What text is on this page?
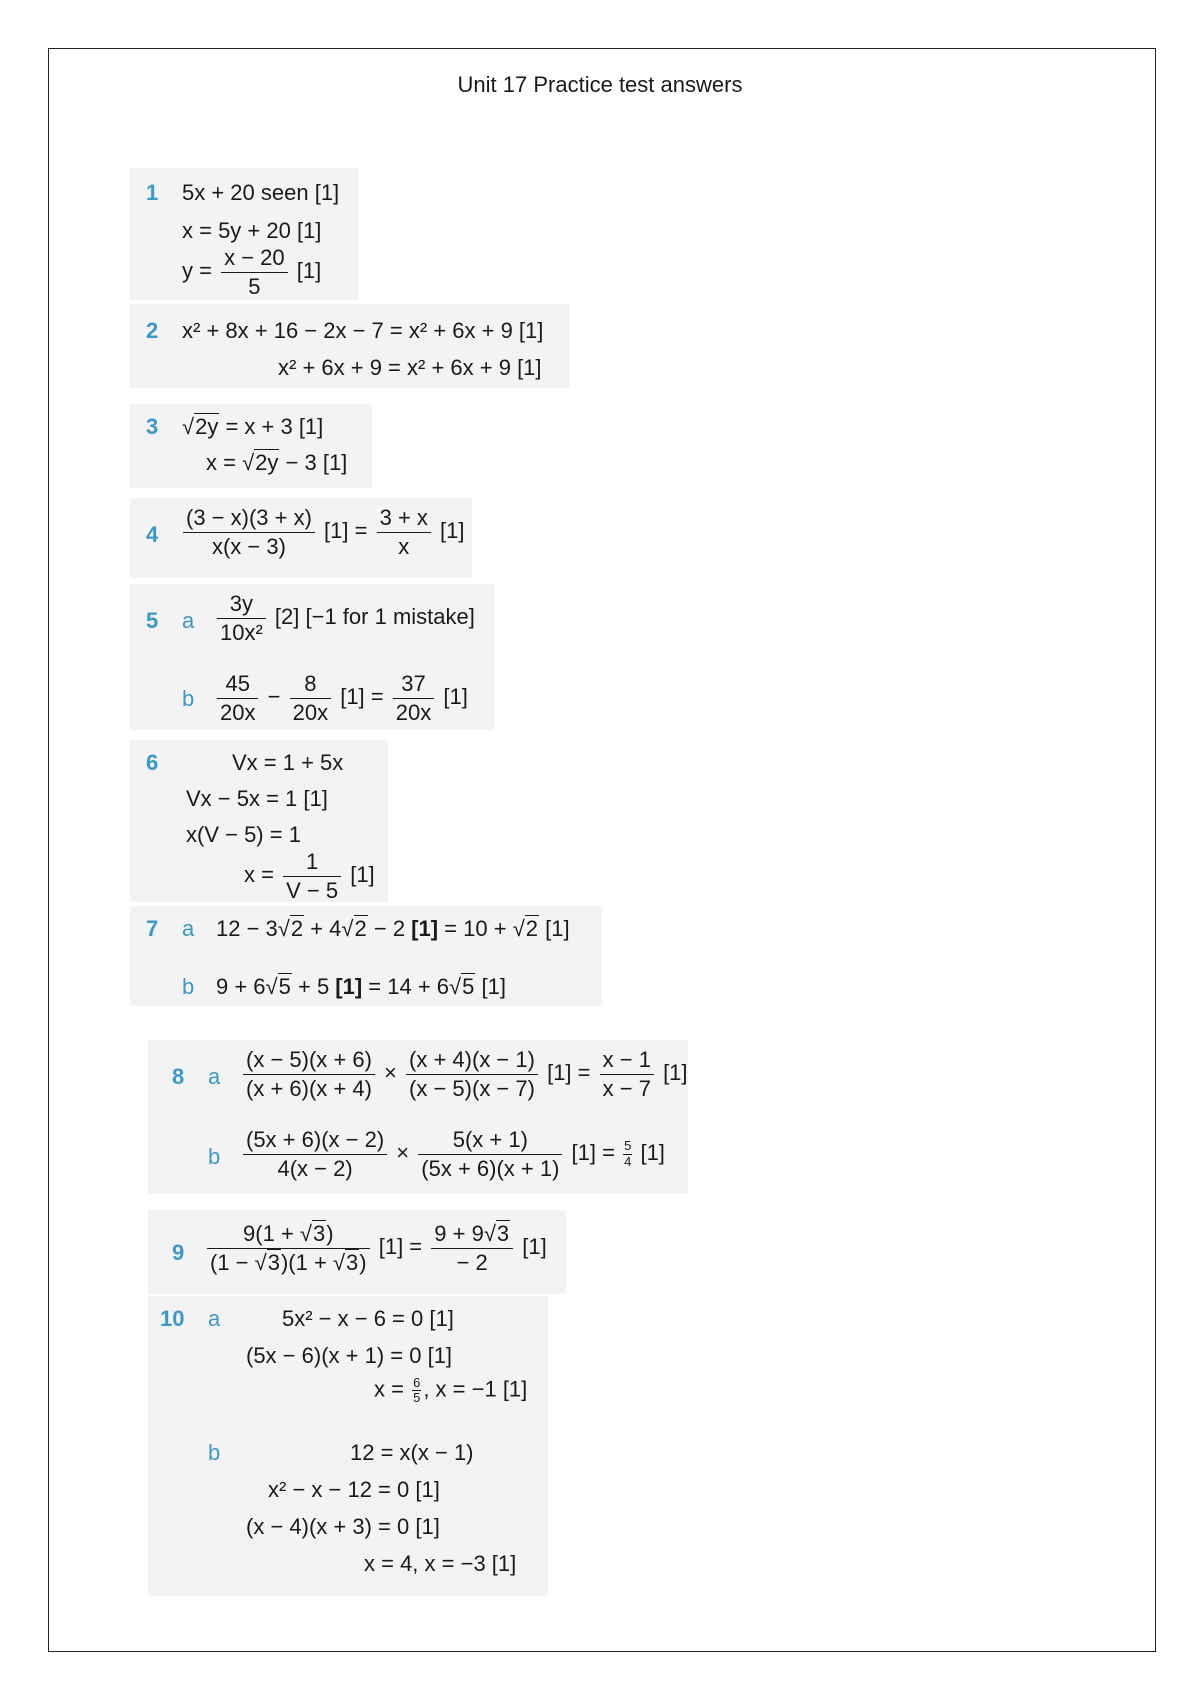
Unit 17 Practice test answers
1 5x + 20 seen [1]
x = 5y + 20 [1]
$y = \frac{x - 20}{5} [1]$
2 x² + 8x + 16 − 2x − 7 = x² + 6x + 9 [1]
x² + 6x + 9 = x² + 6x + 9 [1]
3	√ 2y = x + 3 [1]
x = √ 2y − 3 [1]
$4 \frac{(3 - x)(3 + x)}{x(x - 3)} [1] = \frac{3 + x}{x} [1]$
5 a $\frac{3y}{\text{10x²}} [2]$ [−1 for 1 mistake]
b $\frac{45}{20x} - \frac{8}{20x} [1] = \frac{37}{20x} [1]$
6	Vx = 1 + 5x
Vx − 5x = 1 [1]
x(V − 5) = 1
$x = \frac{1}{V - 5} [1]$
7 a 12 − 3 √ 2 + 4 √ 2 − 2 [1] = 10 + √ 2 [1]
b 9 + 6 √ 5 + 5 [1] = 14 + 6 √ 5 [1]
8 a $\frac{(x - 5)(x + 6)}{(x + 6)(x + 4)} \times \frac{(x + 4)(x - 1)}{(x - 5)(x - 7)} [1] = \frac{x - 1}{x - 7} [1]$
b $\frac{(5x + 6)(x - 2)}{4(x - 2)} \times \frac{5(x + 1)}{(5x + 6)(x + 1)} [1] = \frac{5}{4} [1]$
$9 \frac{9(1 + √ 3)}{(1 - √ 3)(1 + √ 3)} [1] = \frac{9 + 9 √ 3}{- 2} [1]$
10 a	5x² − x − 6 = 0 [1]
(5x − 6)(x + 1) = 0 [1]
$x = \frac{6}{5}$ , x = −1 [1]
b	12 = x(x − 1)
x² − x − 12 = 0 [1]
(x − 4)(x + 3) = 0 [1]
x = 4, x = −3 [1]
